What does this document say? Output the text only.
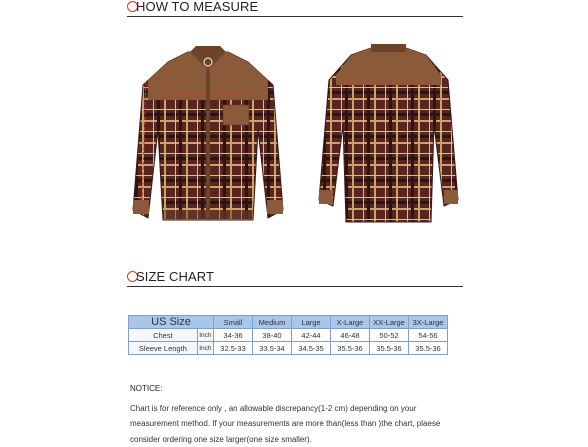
HOW TO MEASURE
SIZE CHART
US Size		Small	Medium	Large	X-Large	XX-Large	3X-Large
Chest	Inch	34-36	38-40	42-44	46-48	50-52	54-56
Sleeve Length	Inch	32.5-33	33.5-34	34.5-35	35.5-36	35.5-36	35.5-36
NOTICE:
Chart is for reference only , an allowable discrepancy(1-2 cm) depending on your measurement method. If your measurements are more than(less than )the chart, plaese consider ordering one size larger(one size smaller).
